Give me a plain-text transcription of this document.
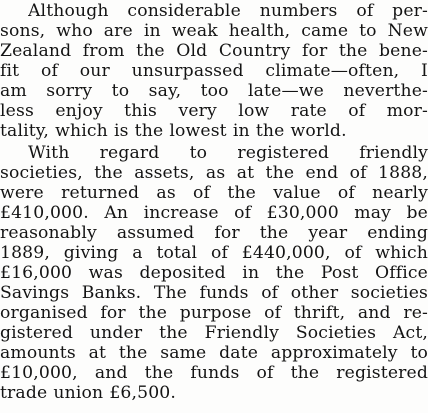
Although considerable numbers of per-
sons, who are in weak health, came to New
Zealand from the Old Country for the bene-
fit of our unsurpassed climate—often, I
am sorry to say, too late—we neverthe-
less enjoy this very low rate of mor-
tality, which is the lowest in the world.
With regard to registered friendly
societies, the assets, as at the end of 1888,
were returned as of the value of nearly
£410,000. An increase of £30,000 may be
reasonably assumed for the year ending
1889, giving a total of £440,000, of which
£16,000 was deposited in the Post Office
Savings Banks. The funds of other societies
organised for the purpose of thrift, and re-
gistered under the Friendly Societies Act,
amounts at the same date approximately to
£10,000, and the funds of the registered
trade union £6,500.
